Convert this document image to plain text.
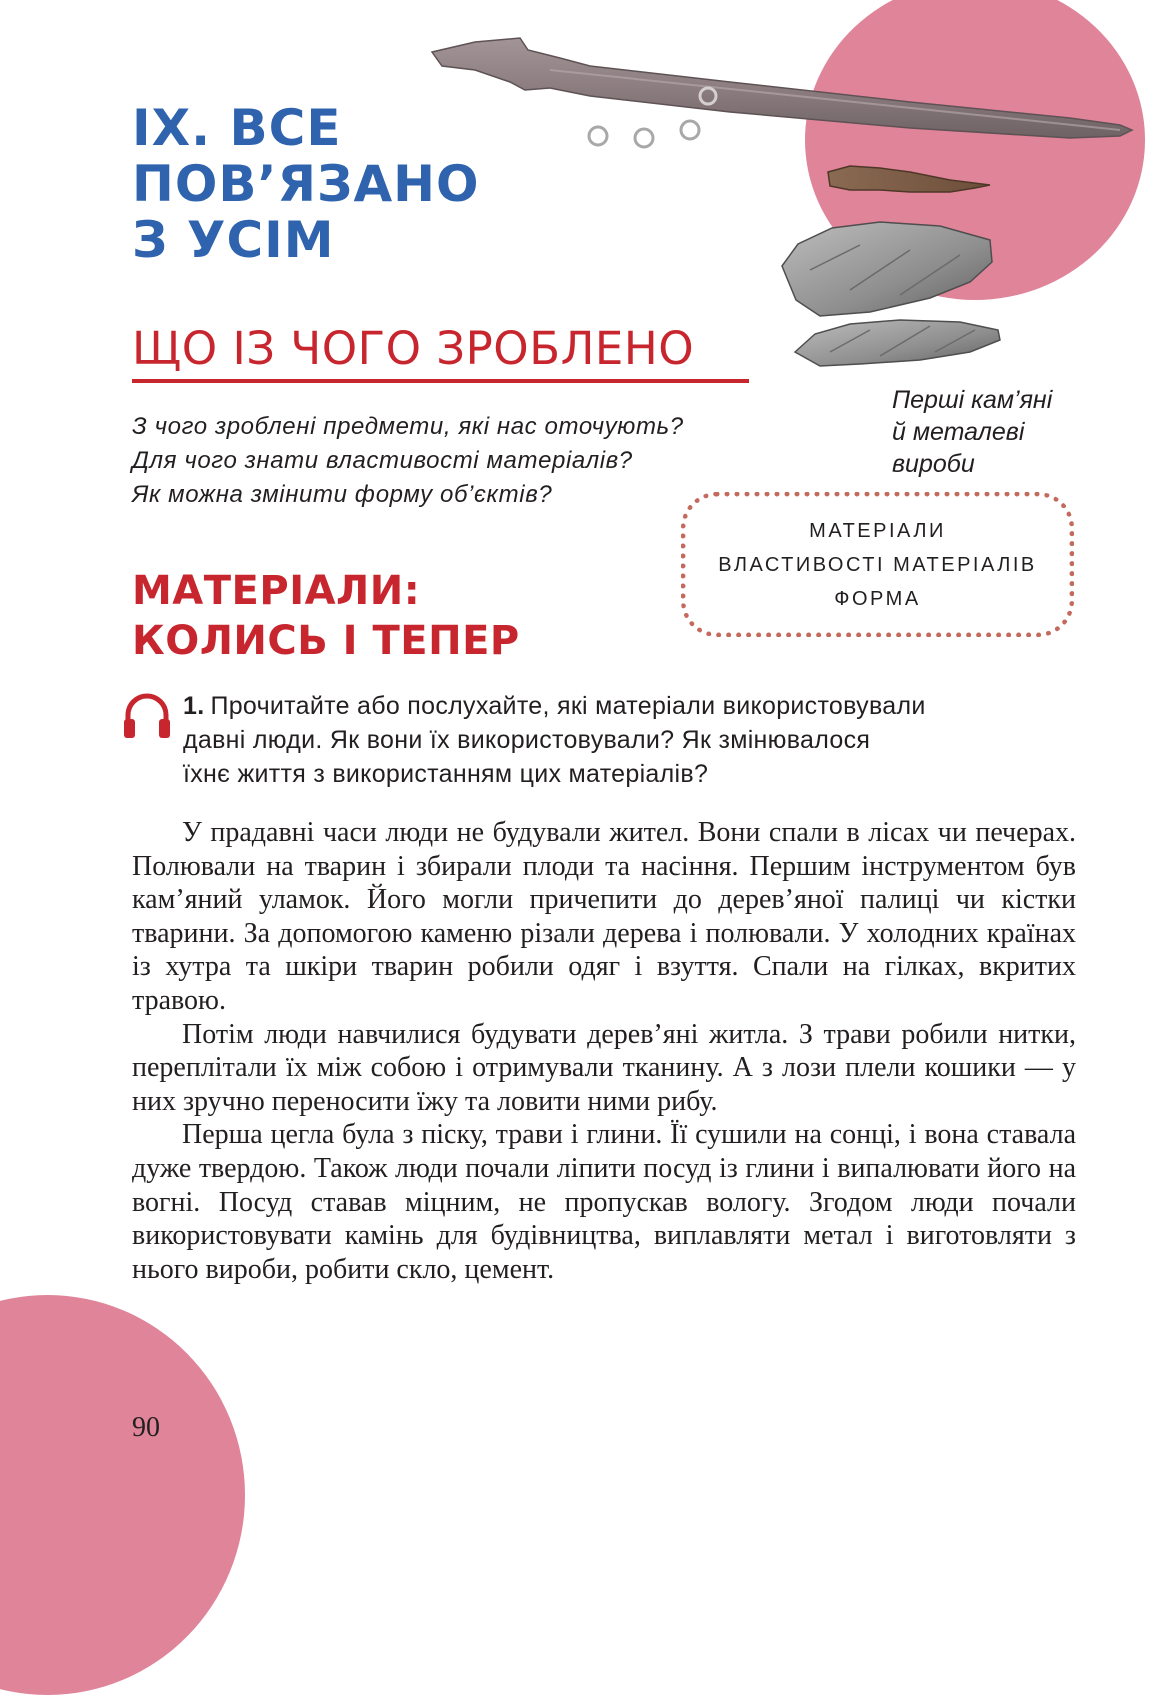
ІХ. ВСЕ
ПОВ’ЯЗАНО
З УСІМ
ЩО ІЗ ЧОГО ЗРОБЛЕНО
З чого зроблені предмети, які нас оточують?
Для чого знати властивості матеріалів?
Як можна змінити форму об’єктів?
Перші кам’яні
й металеві
вироби
МАТЕРІАЛИ
ВЛАСТИВОСТІ МАТЕРІАЛІВ
ФОРМА
МАТЕРІАЛИ:
КОЛИСЬ І ТЕПЕР
1. Прочитайте або послухайте, які матеріали використовували
давні люди. Як вони їх використовували? Як змінювалося
їхнє життя з використанням цих матеріалів?

У прадавні часи люди не будували жител. Вони спали в лісах чи печерах. Полювали на тварин і збирали плоди та насіння. Першим інструментом був кам’яний уламок. Його могли причепити до дерев’яної палиці чи кістки тварини. За допомогою каменю різали дерева і полювали. У холодних країнах із хутра та шкіри тварин робили одяг і взуття. Спали на гілках, вкритих травою.

Потім люди навчилися будувати дерев’яні житла. З трави робили нитки, переплітали їх між собою і отримували тканину. А з лози плели кошики — у них зручно переносити їжу та ловити ними рибу.

Перша цегла була з піску, трави і глини. Її сушили на сонці, і вона ставала дуже твердою. Також люди почали ліпити посуд із глини і випалювати його на вогні. Посуд ставав міцним, не пропускав вологу. Згодом люди почали використовувати камінь для будівництва, виплавляти метал і виготовляти з нього вироби, робити скло, цемент.

90
